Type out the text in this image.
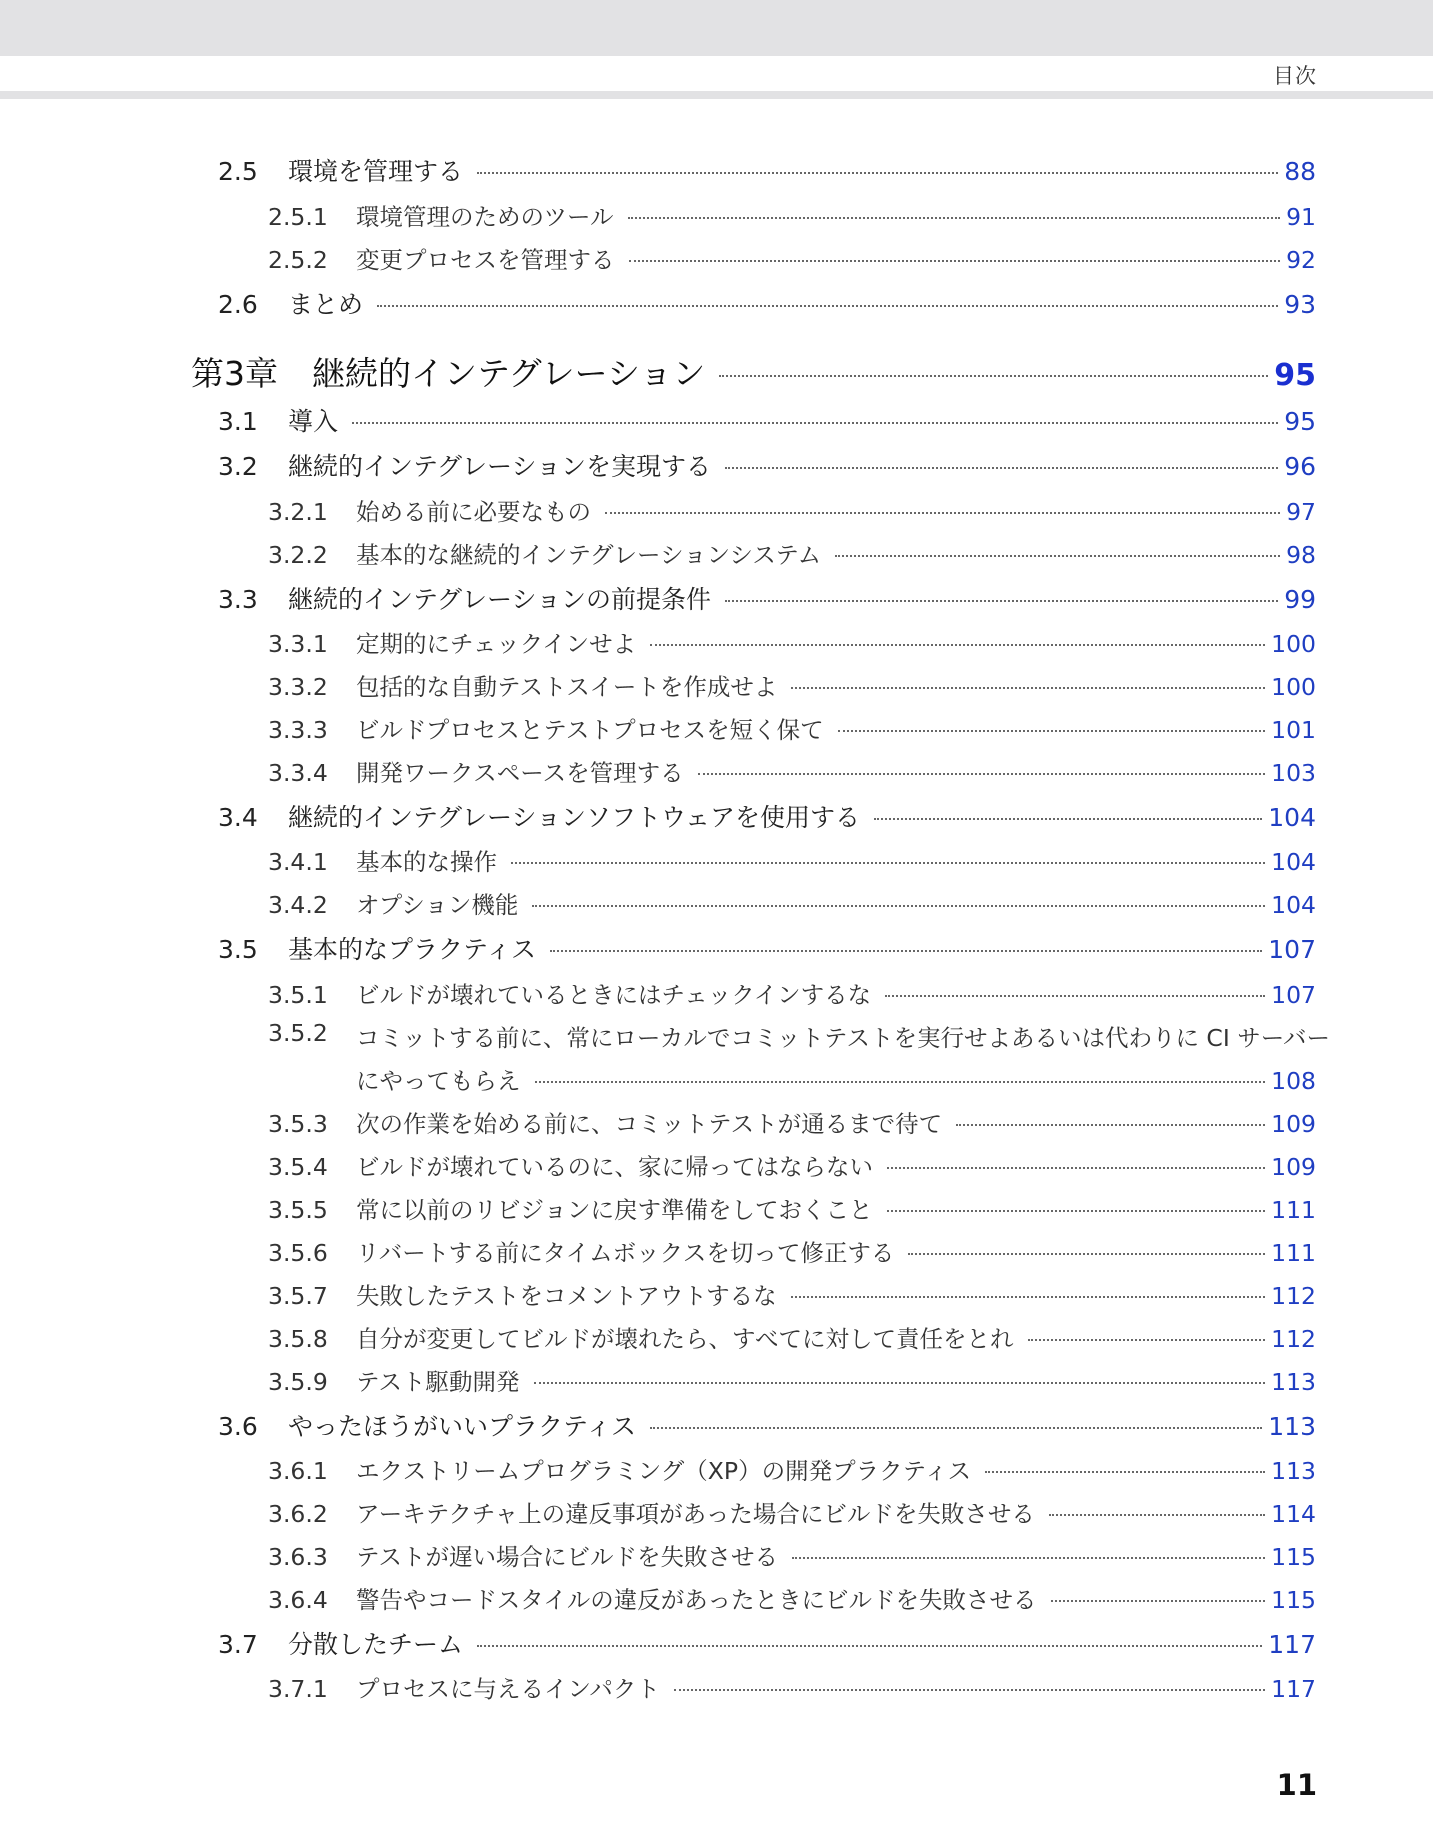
目次
2.5	環境を管理する	88
2.5.1	環境管理のためのツール	91
2.5.2	変更プロセスを管理する	92
2.6	まとめ	93
第3章 継続的インテグレーション	95
3.1	導入	95
3.2	継続的インテグレーションを実現する	96
3.2.1	始める前に必要なもの	97
3.2.2	基本的な継続的インテグレーションシステム	98
3.3	継続的インテグレーションの前提条件	99
3.3.1	定期的にチェックインせよ	100
3.3.2	包括的な自動テストスイートを作成せよ	100
3.3.3	ビルドプロセスとテストプロセスを短く保て	101
3.3.4	開発ワークスペースを管理する	103
3.4	継続的インテグレーションソフトウェアを使用する	104
3.4.1	基本的な操作	104
3.4.2	オプション機能	104
3.5	基本的なプラクティス	107
3.5.1	ビルドが壊れているときにはチェックインするな	107
3.5.2	コミットする前に、常にローカルでコミットテストを実行せよあるいは代わりに CI サーバー
にやってもらえ	108
3.5.3	次の作業を始める前に、コミットテストが通るまで待て	109
3.5.4	ビルドが壊れているのに、家に帰ってはならない	109
3.5.5	常に以前のリビジョンに戻す準備をしておくこと	111
3.5.6	リバートする前にタイムボックスを切って修正する	111
3.5.7	失敗したテストをコメントアウトするな	112
3.5.8	自分が変更してビルドが壊れたら、すべてに対して責任をとれ	112
3.5.9	テスト駆動開発	113
3.6	やったほうがいいプラクティス	113
3.6.1	エクストリームプログラミング（XP）の開発プラクティス	113
3.6.2	アーキテクチャ上の違反事項があった場合にビルドを失敗させる	114
3.6.3	テストが遅い場合にビルドを失敗させる	115
3.6.4	警告やコードスタイルの違反があったときにビルドを失敗させる	115
3.7	分散したチーム	117
3.7.1	プロセスに与えるインパクト	117
11
